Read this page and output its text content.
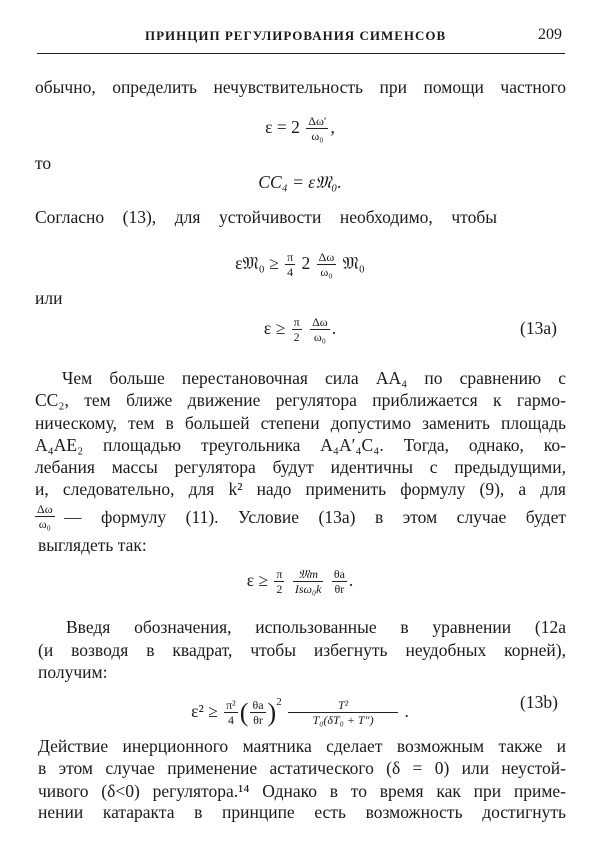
ПРИНЦИП РЕГУЛИРОВАНИЯ СИМЕНСОВ	209
обычно, определить нечувствительность при помощи частного
$\varepsilon = 2 \frac{\Delta\omega'}{\text{ω₀}}$ ,
то
CC₄ = ε𝔐₀.
Согласно (13), для устойчивости необходимо, чтобы
ε𝔐₀ ≥ $\frac{\pi}{4} 2 \frac{\Delta\omega}{\text{ω₀}}$ 𝔐₀
или
$\varepsilon \ge \frac{\pi}{2}$
$\frac{\Delta\omega}{\text{ω₀}}$ .	(13a)
Чем больше перестановочная сила AA₄ по сравнению с
CC₂, тем ближе движение регулятора приближается к гармо-
ническому, тем в большей степени допустимо заменить площадь
A₄AE₂ площадью треугольника A₄A′₄C₄. Тогда, однако, ко-
лебания массы регулятора будут идентичны с предыдущими,
и, следовательно, для k² надо применить формулу (9), а для
$\frac{\Delta\omega}{\text{ω₀}}$ — формулу (11). Условие (13a) в этом случае будет
выглядеть так:
$\varepsilon \ge \frac{\pi}{2}$
	𝔐m
Isω₀k
$\frac{\theta a}{\theta r}$ .
Введя обозначения, использованные в уравнении (12a
(и возводя в квадрат, чтобы избегнуть неудобных корней),
получим:
$\varepsilon^2 \ge \frac{\text{π²}}{4}$ ( $\frac{\theta a}{\theta r} )^2 \frac{\text{T²}}{\text{T₀(δT₀ + T″)}}$ .	(13b)
Действие инерционного маятника сделает возможным также и
в этом случае применение астатического (δ = 0) или неустой-
чивого (δ<0) регулятора.¹⁴ Однако в то время как при приме-
нении катаракта в принципе есть возможность достигнуть
